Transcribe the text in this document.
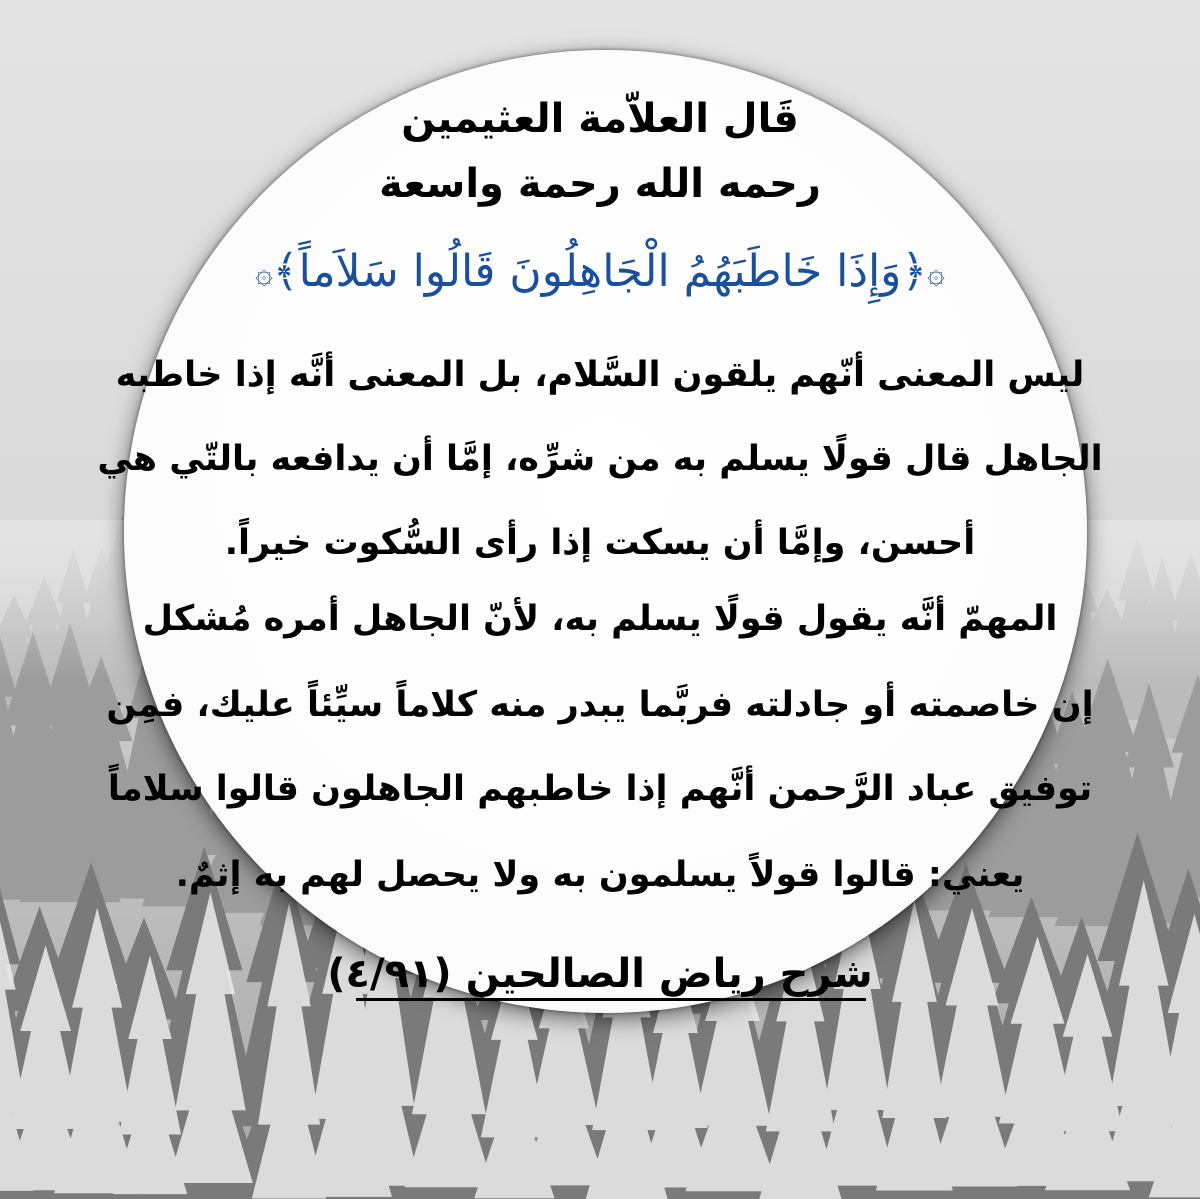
قَال العلاّمة العثيمين
رحمه الله رحمة واسعة
۞﴿وَإِذَا خَاطَبَهُمُ الْجَاهِلُونَ قَالُوا سَلاَماً﴾۞
ليس المعنى أنّهم يلقون السَّلام، بل المعنى أنَّه إذا خاطبه
الجاهل قال قولًا يسلم به من شرِّه، إمَّا أن يدافعه بالتّي هي
أحسن، وإمَّا أن يسكت إذا رأى السُّكوت خيراً.
المهمّ أنَّه يقول قولًا يسلم به، لأنّ الجاهل أمره مُشكل
إن خاصمته أو جادلته فربَّما يبدر منه كلاماً سيِّئاً عليك، فمِن
توفيق عباد الرَّحمن أنَّهم إذا خاطبهم الجاهلون قالوا سلاماً
يعني: قالوا قولاً يسلمون به ولا يحصل لهم به إثمٌ.
شرح رياض الصالحين (٤/٩١)
